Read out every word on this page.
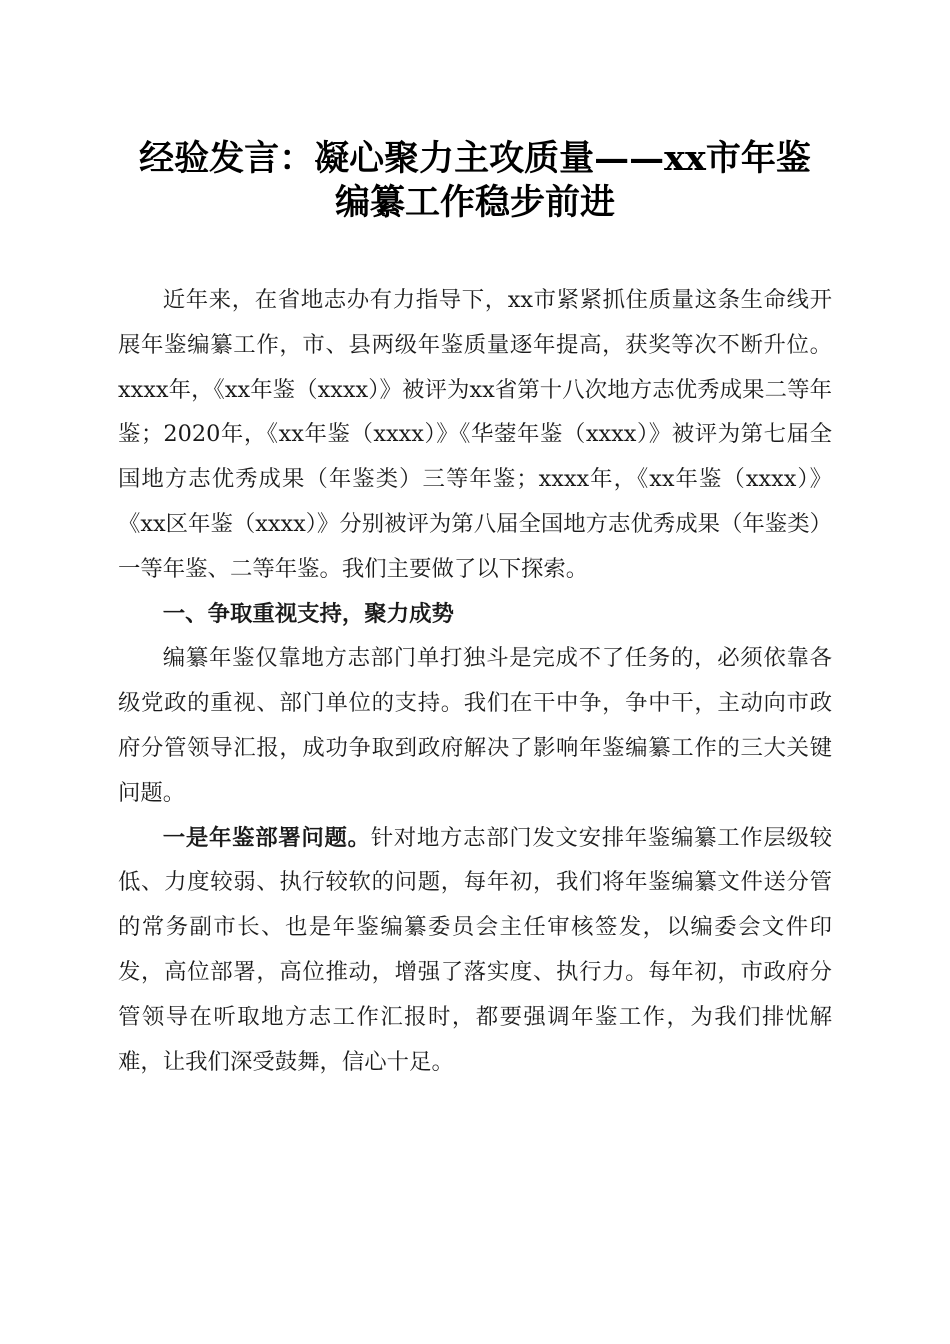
经验发言：凝心聚力主攻质量——xx市年鉴
编纂工作稳步前进

近年来，在省地志办有力指导下，xx市紧紧抓住质量这条生命线开展年鉴编纂工作，市、县两级年鉴质量逐年提高，获奖等次不断升位。xxxx年，《xx年鉴（xxxx）》被评为xx省第十八次地方志优秀成果二等年鉴；2020年，《xx年鉴（xxxx）》《华蓥年鉴（xxxx）》被评为第七届全国地方志优秀成果（年鉴类）三等年鉴；xxxx年，《xx年鉴（xxxx）》《xx区年鉴（xxxx）》分别被评为第八届全国地方志优秀成果（年鉴类）一等年鉴、二等年鉴。我们主要做了以下探索。

一、争取重视支持，聚力成势

编纂年鉴仅靠地方志部门单打独斗是完成不了任务的，必须依靠各级党政的重视、部门单位的支持。我们在干中争，争中干，主动向市政府分管领导汇报，成功争取到政府解决了影响年鉴编纂工作的三大关键问题。

一是年鉴部署问题。针对地方志部门发文安排年鉴编纂工作层级较低、力度较弱、执行较软的问题，每年初，我们将年鉴编纂文件送分管的常务副市长、也是年鉴编纂委员会主任审核签发，以编委会文件印发，高位部署，高位推动，增强了落实度、执行力。每年初，市政府分管领导在听取地方志工作汇报时，都要强调年鉴工作，为我们排忧解难，让我们深受鼓舞，信心十足。
